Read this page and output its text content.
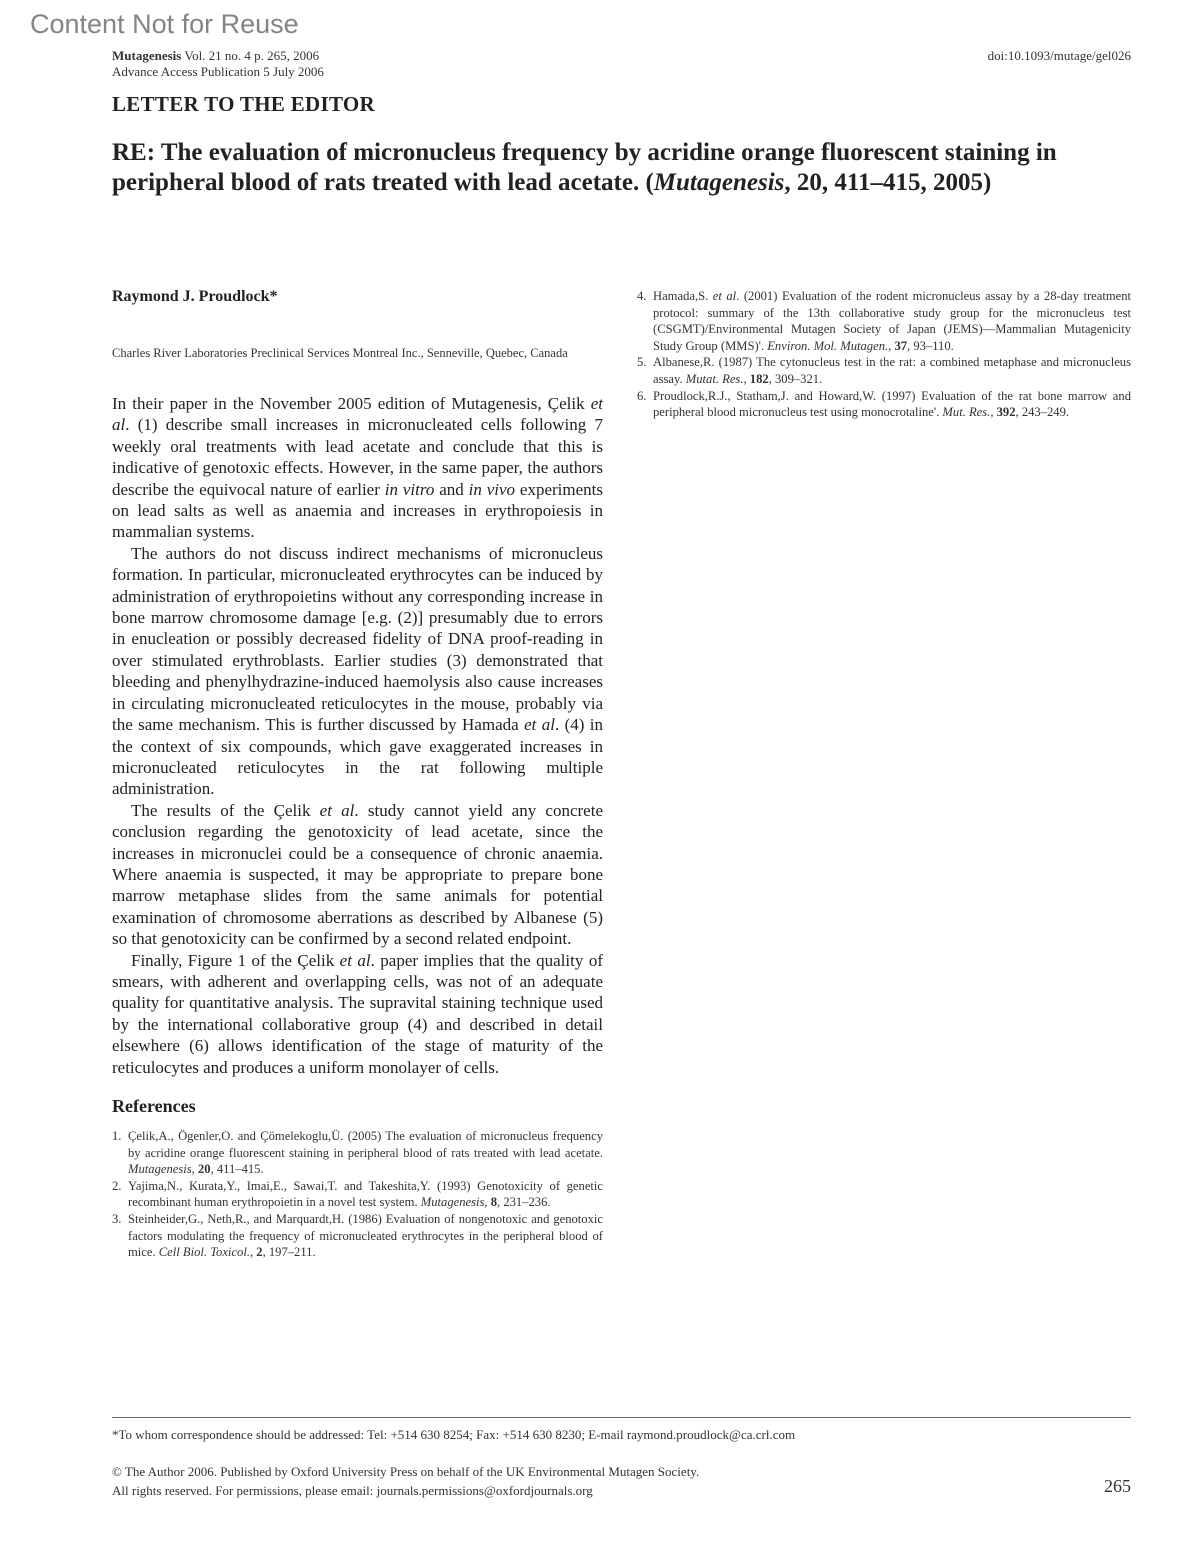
Content Not for Reuse
Mutagenesis Vol. 21 no. 4 p. 265, 2006
Advance Access Publication 5 July 2006
doi:10.1093/mutage/gel026
LETTER TO THE EDITOR
RE: The evaluation of micronucleus frequency by acridine orange fluorescent staining in peripheral blood of rats treated with lead acetate. (Mutagenesis, 20, 411–415, 2005)
Raymond J. Proudlock*
Charles River Laboratories Preclinical Services Montreal Inc., Senneville, Quebec, Canada

In their paper in the November 2005 edition of Mutagenesis, Çelik et al. (1) describe small increases in micronucleated cells following 7 weekly oral treatments with lead acetate and conclude that this is indicative of genotoxic effects. However, in the same paper, the authors describe the equivocal nature of earlier in vitro and in vivo experiments on lead salts as well as anaemia and increases in erythropoiesis in mammalian systems.

The authors do not discuss indirect mechanisms of micronucleus formation. In particular, micronucleated erythrocytes can be induced by administration of erythropoietins without any corresponding increase in bone marrow chromosome damage [e.g. (2)] presumably due to errors in enucleation or possibly decreased fidelity of DNA proof-reading in over stimulated erythroblasts. Earlier studies (3) demonstrated that bleeding and phenylhydrazine-induced haemolysis also cause increases in circulating micronucleated reticulocytes in the mouse, probably via the same mechanism. This is further discussed by Hamada et al. (4) in the context of six compounds, which gave exaggerated increases in micronucleated reticulocytes in the rat following multiple administration.

The results of the Çelik et al. study cannot yield any concrete conclusion regarding the genotoxicity of lead acetate, since the increases in micronuclei could be a consequence of chronic anaemia. Where anaemia is suspected, it may be appropriate to prepare bone marrow metaphase slides from the same animals for potential examination of chromosome aberrations as described by Albanese (5) so that genotoxicity can be confirmed by a second related endpoint.

Finally, Figure 1 of the Çelik et al. paper implies that the quality of smears, with adherent and overlapping cells, was not of an adequate quality for quantitative analysis. The supravital staining technique used by the international collaborative group (4) and described in detail elsewhere (6) allows identification of the stage of maturity of the reticulocytes and produces a uniform monolayer of cells.

References
1. Çelik,A., Ögenler,O. and Çömelekoglu,Ü. (2005) The evaluation of micronucleus frequency by acridine orange fluorescent staining in peripheral blood of rats treated with lead acetate. Mutagenesis, 20, 411–415.
2. Yajima,N., Kurata,Y., Imai,E., Sawai,T. and Takeshita,Y. (1993) Genotoxicity of genetic recombinant human erythropoietin in a novel test system. Mutagenesis, 8, 231–236.
3. Steinheider,G., Neth,R., and Marquardt,H. (1986) Evaluation of nongenotoxic and genotoxic factors modulating the frequency of micronucleated erythrocytes in the peripheral blood of mice. Cell Biol. Toxicol., 2, 197–211.
4. Hamada,S. et al. (2001) Evaluation of the rodent micronucleus assay by a 28-day treatment protocol: summary of the 13th collaborative study group for the micronucleus test (CSGMT)/Environmental Mutagen Society of Japan (JEMS)—Mammalian Mutagenicity Study Group (MMS)'. Environ. Mol. Mutagen., 37, 93–110.
5. Albanese,R. (1987) The cytonucleus test in the rat: a combined metaphase and micronucleus assay. Mutat. Res., 182, 309–321.
6. Proudlock,R.J., Statham,J. and Howard,W. (1997) Evaluation of the rat bone marrow and peripheral blood micronucleus test using monocrotaline'. Mut. Res., 392, 243–249.
*To whom correspondence should be addressed: Tel: +514 630 8254; Fax: +514 630 8230; E-mail raymond.proudlock@ca.crl.com
© The Author 2006. Published by Oxford University Press on behalf of the UK Environmental Mutagen Society.
All rights reserved. For permissions, please email: journals.permissions@oxfordjournals.org	265
